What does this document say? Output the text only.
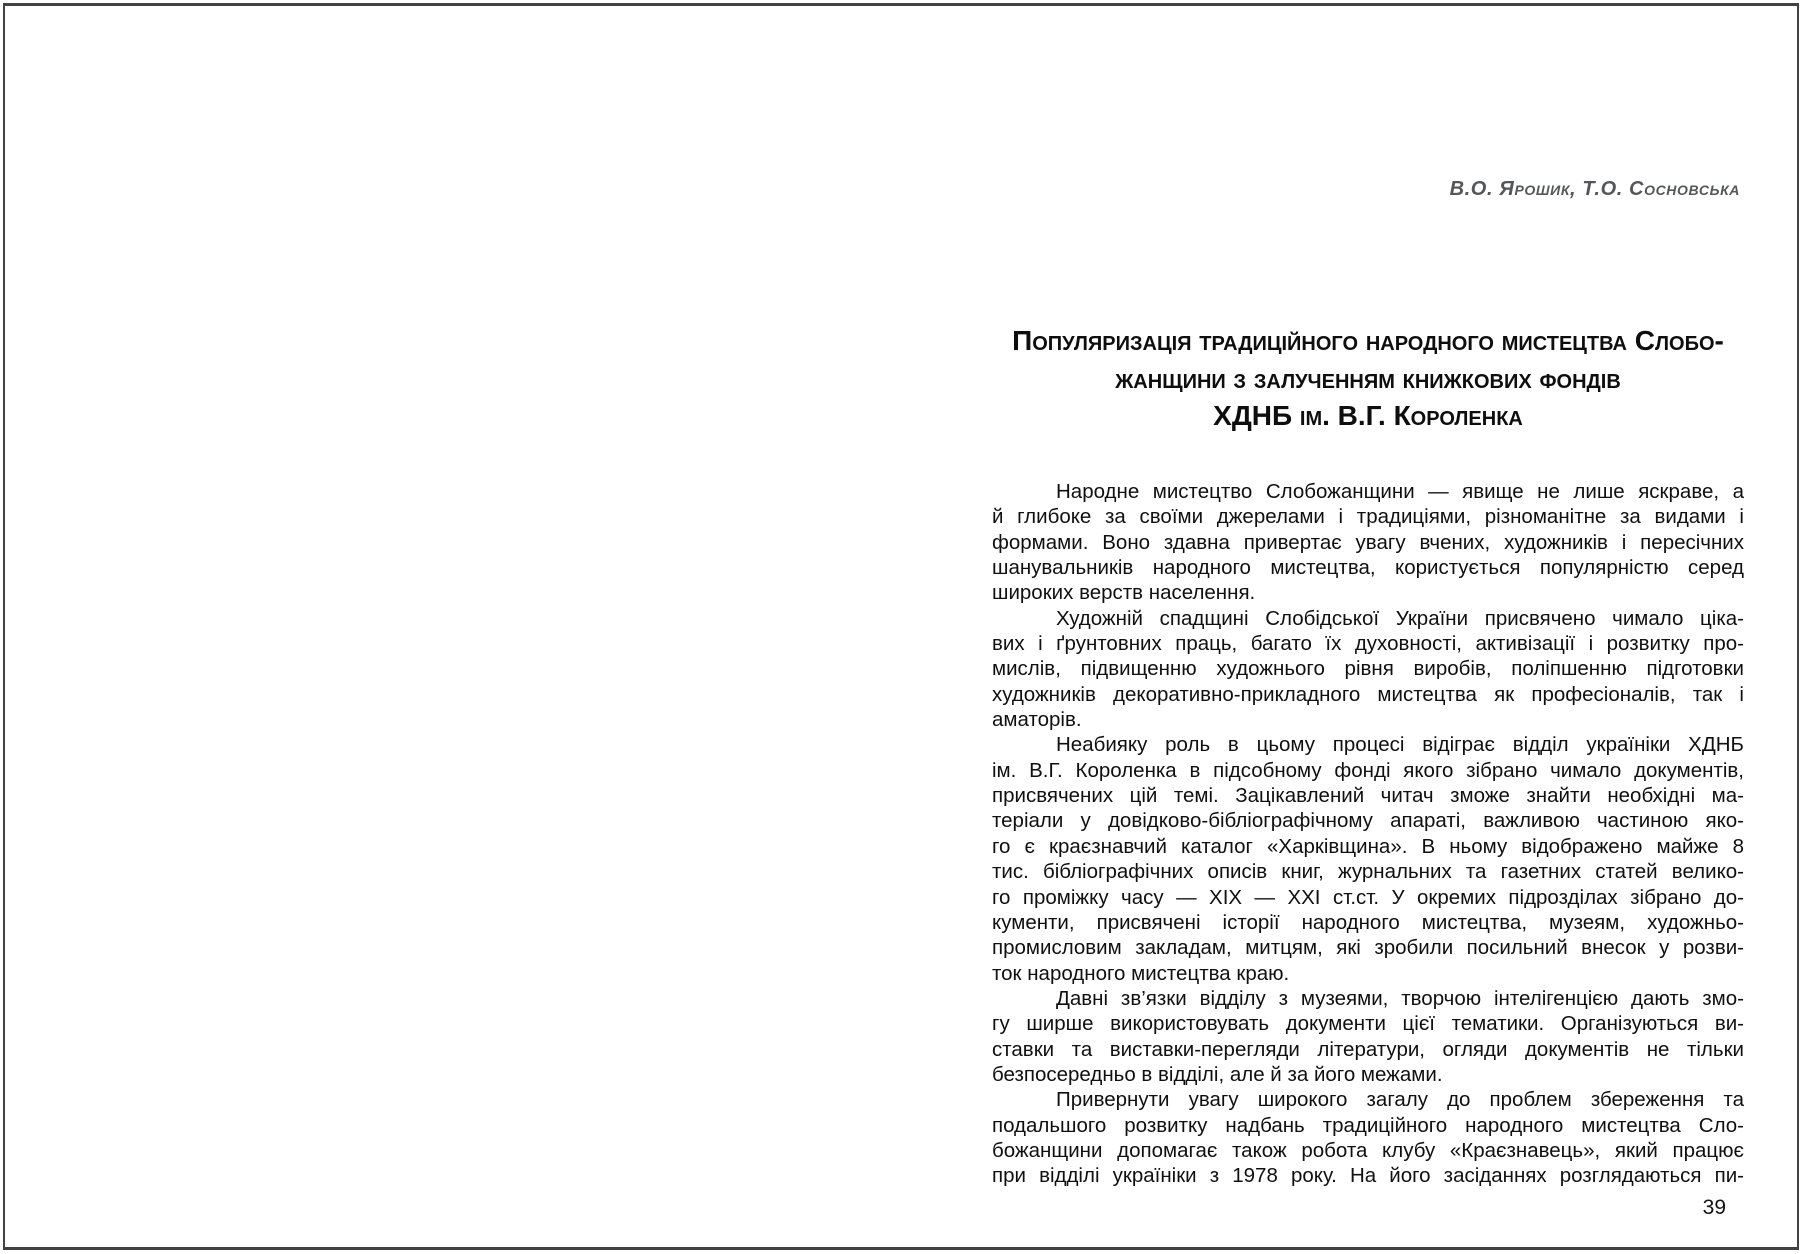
В.О. Ярошик, Т.О. Сосновська
Популяризація традиційного народного мистецтва Слобо-
жанщини з залученням книжкових фондів
ХДНБ ім. В.Г. Короленка
Народне мистецтво Слобожанщини — явище не лише яскраве, а
й глибоке за своїми джерелами і традиціями, різноманітне за видами і
формами. Воно здавна привертає увагу вчених, художників і пересічних
шанувальників народного мистецтва, користується популярністю серед
широких верств населення.
Художній спадщині Слобідської України присвячено чимало ціка-
вих і ґрунтовних праць, багато їх духовності, активізації і розвитку про-
мислів, підвищенню художнього рівня виробів, поліпшенню підготовки
художників декоративно-прикладного мистецтва як професіоналів, так і
аматорів.
Неабияку роль в цьому процесі відіграє відділ україніки ХДНБ
ім. В.Г. Короленка в підсобному фонді якого зібрано чимало документів,
присвячених цій темі. Зацікавлений читач зможе знайти необхідні ма-
теріали у довідково-бібліографічному апараті, важливою частиною яко-
го є краєзнавчий каталог «Харківщина». В ньому відображено майже 8
тис. бібліографічних описів книг, журнальних та газетних статей велико-
го проміжку часу — XIX — XXI ст.ст. У окремих підрозділах зібрано до-
кументи, присвячені історії народного мистецтва, музеям, художньо-
промисловим закладам, митцям, які зробили посильний внесок у розви-
ток народного мистецтва краю.
Давні зв’язки відділу з музеями, творчою інтелігенцією дають змо-
гу ширше використовувать документи цієї тематики. Організуються ви-
ставки та виставки-перегляди літератури, огляди документів не тільки
безпосередньо в відділі, але й за його межами.
Привернути увагу широкого загалу до проблем збереження та
подальшого розвитку надбань традиційного народного мистецтва Сло-
божанщини допомагає також робота клубу «Краєзнавець», який працює
при відділі україніки з 1978 року. На його засіданнях розглядаються пи-
39
